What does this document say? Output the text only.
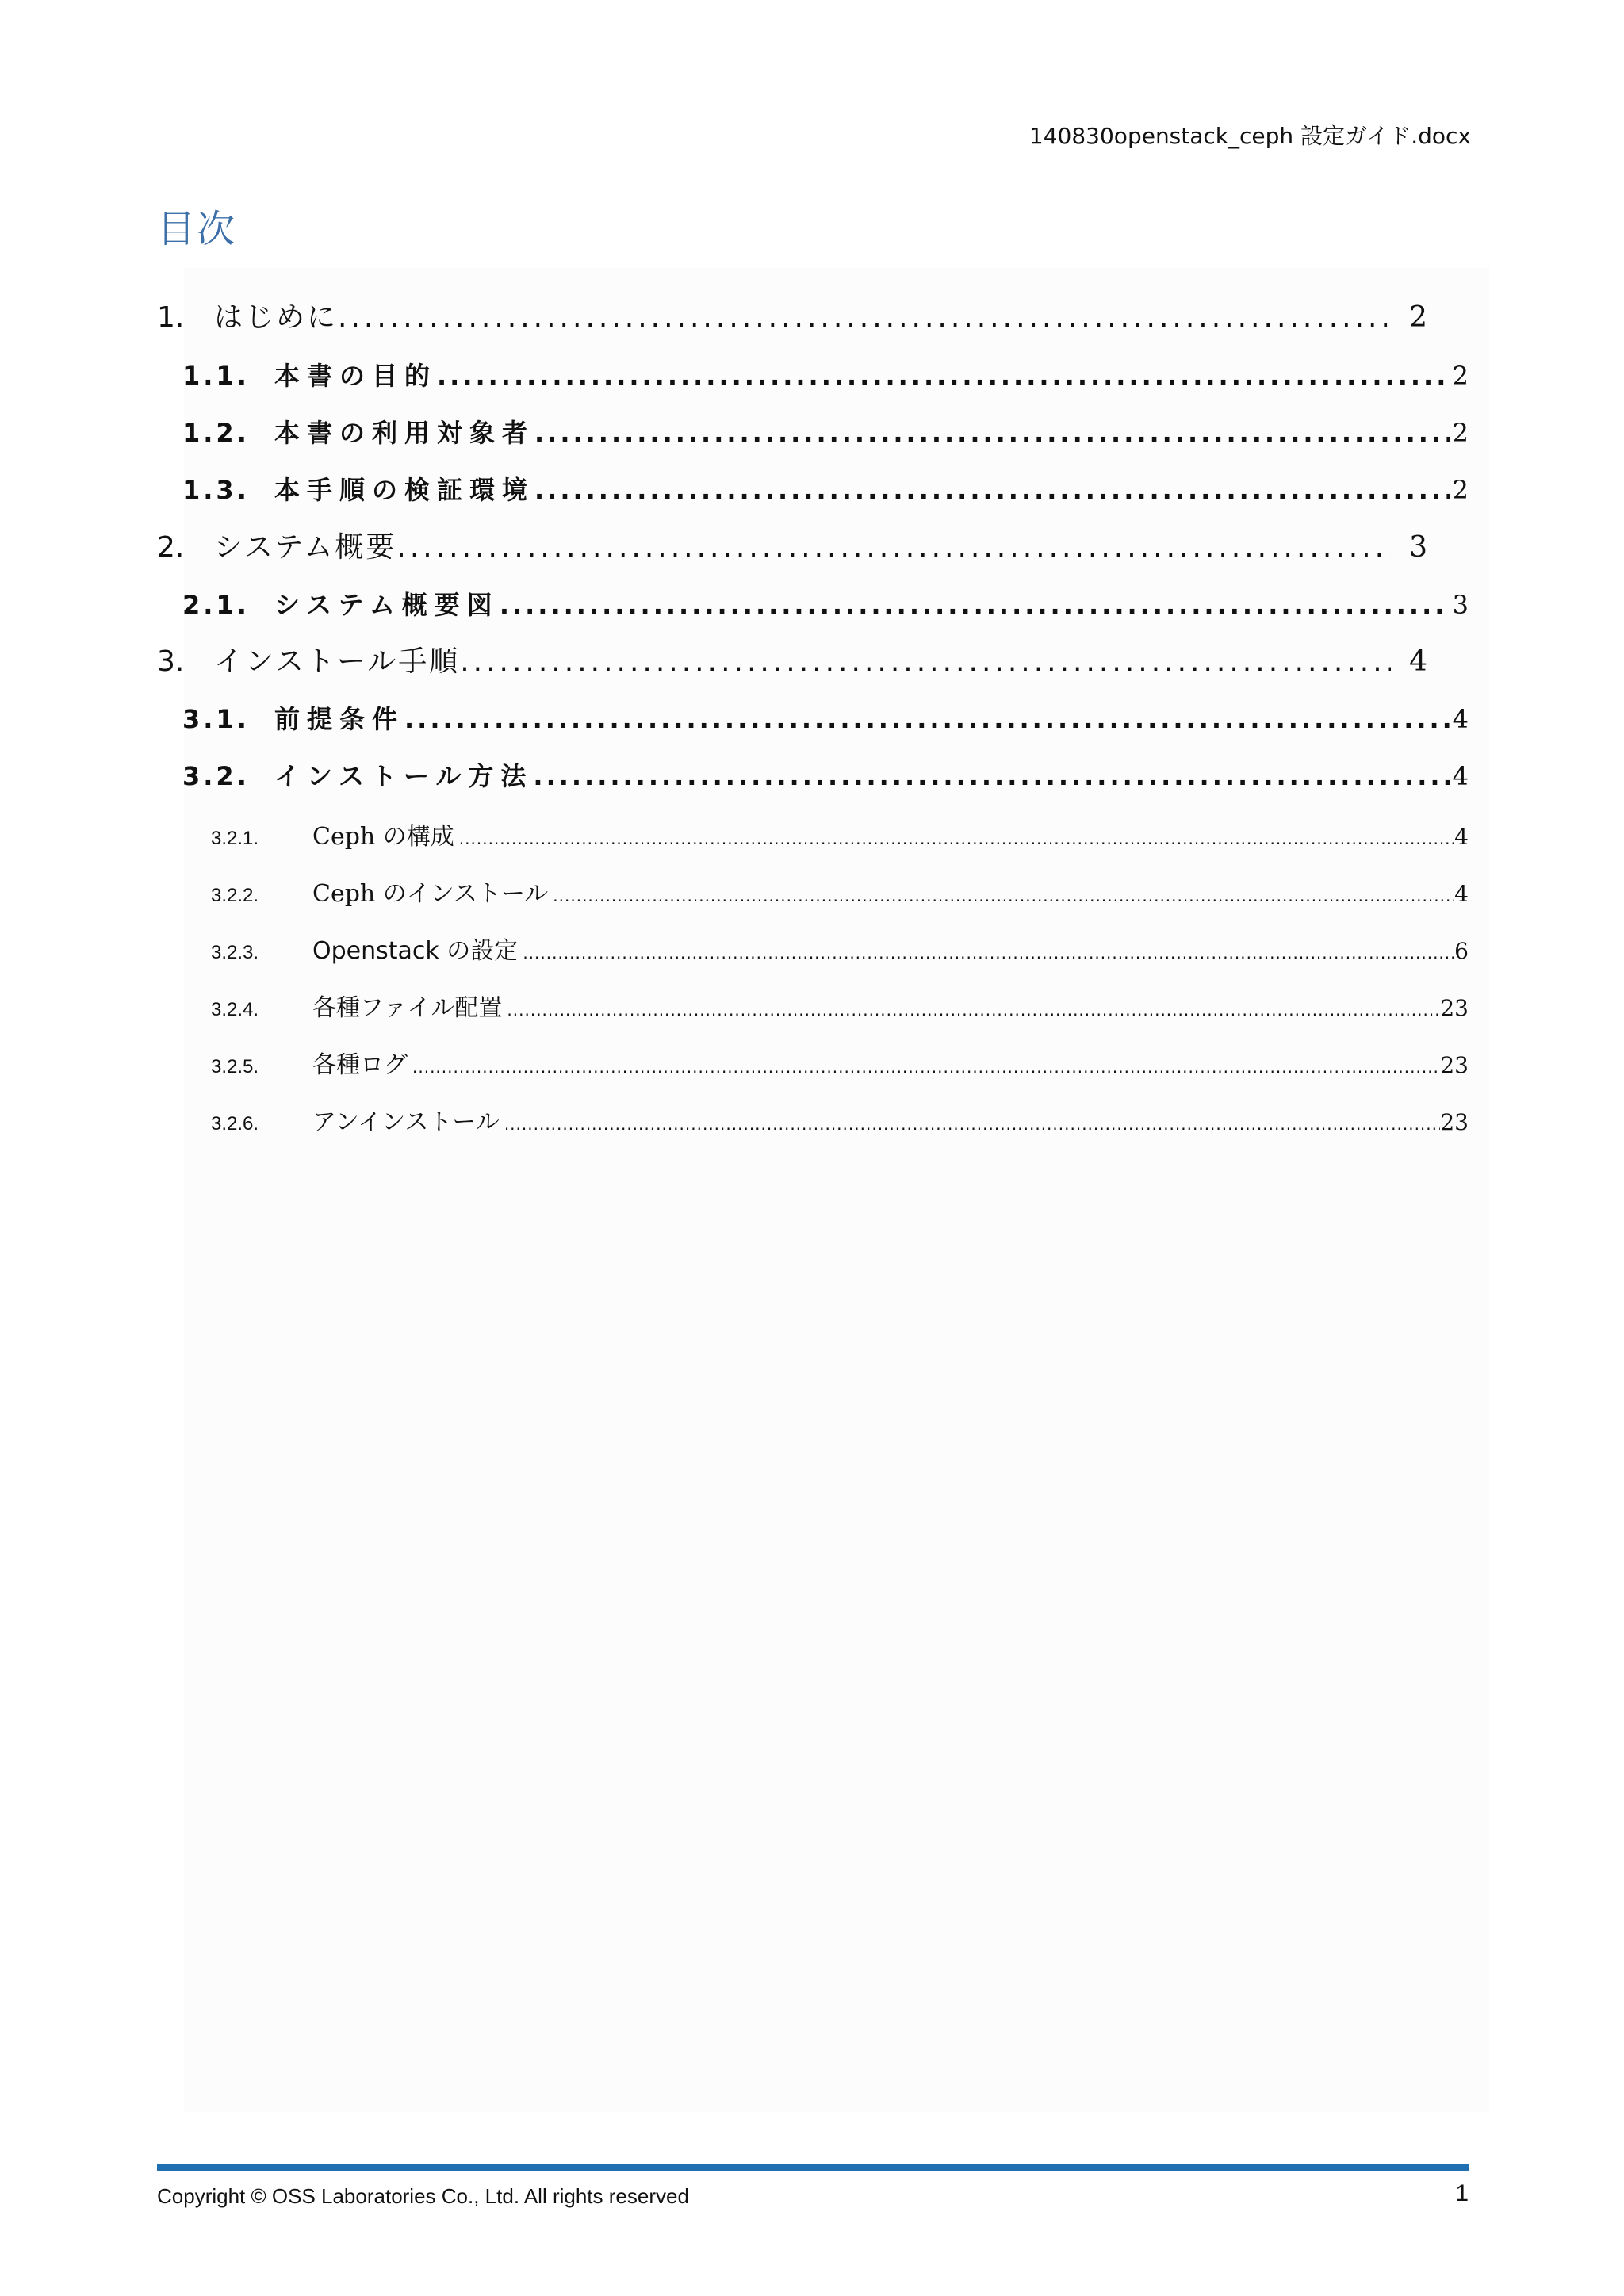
140830openstack_ceph 設定ガイド.docx
目次
1.	はじめに .....	2
1.1. 本書の目的 .....	2
1.2. 本書の利用対象者 .....	2
1.3. 本手順の検証環境 .....	2
2.	システム概要 .....	3
2.1. システム概要図 .....	3
3.	インストール手順 .....	4
3.1. 前提条件 .....	4
3.2. インストール方法 .....	4
3.2.1.	Ceph の構成 .....	4
3.2.2.	Ceph のインストール .....	4
3.2.3.	Openstack の設定 .....	6
3.2.4.	各種ファイル配置 .....	23
3.2.5.	各種ログ .....	23
3.2.6.	アンインストール .....	23
Copyright © OSS Laboratories Co., Ltd. All rights reserved	1
